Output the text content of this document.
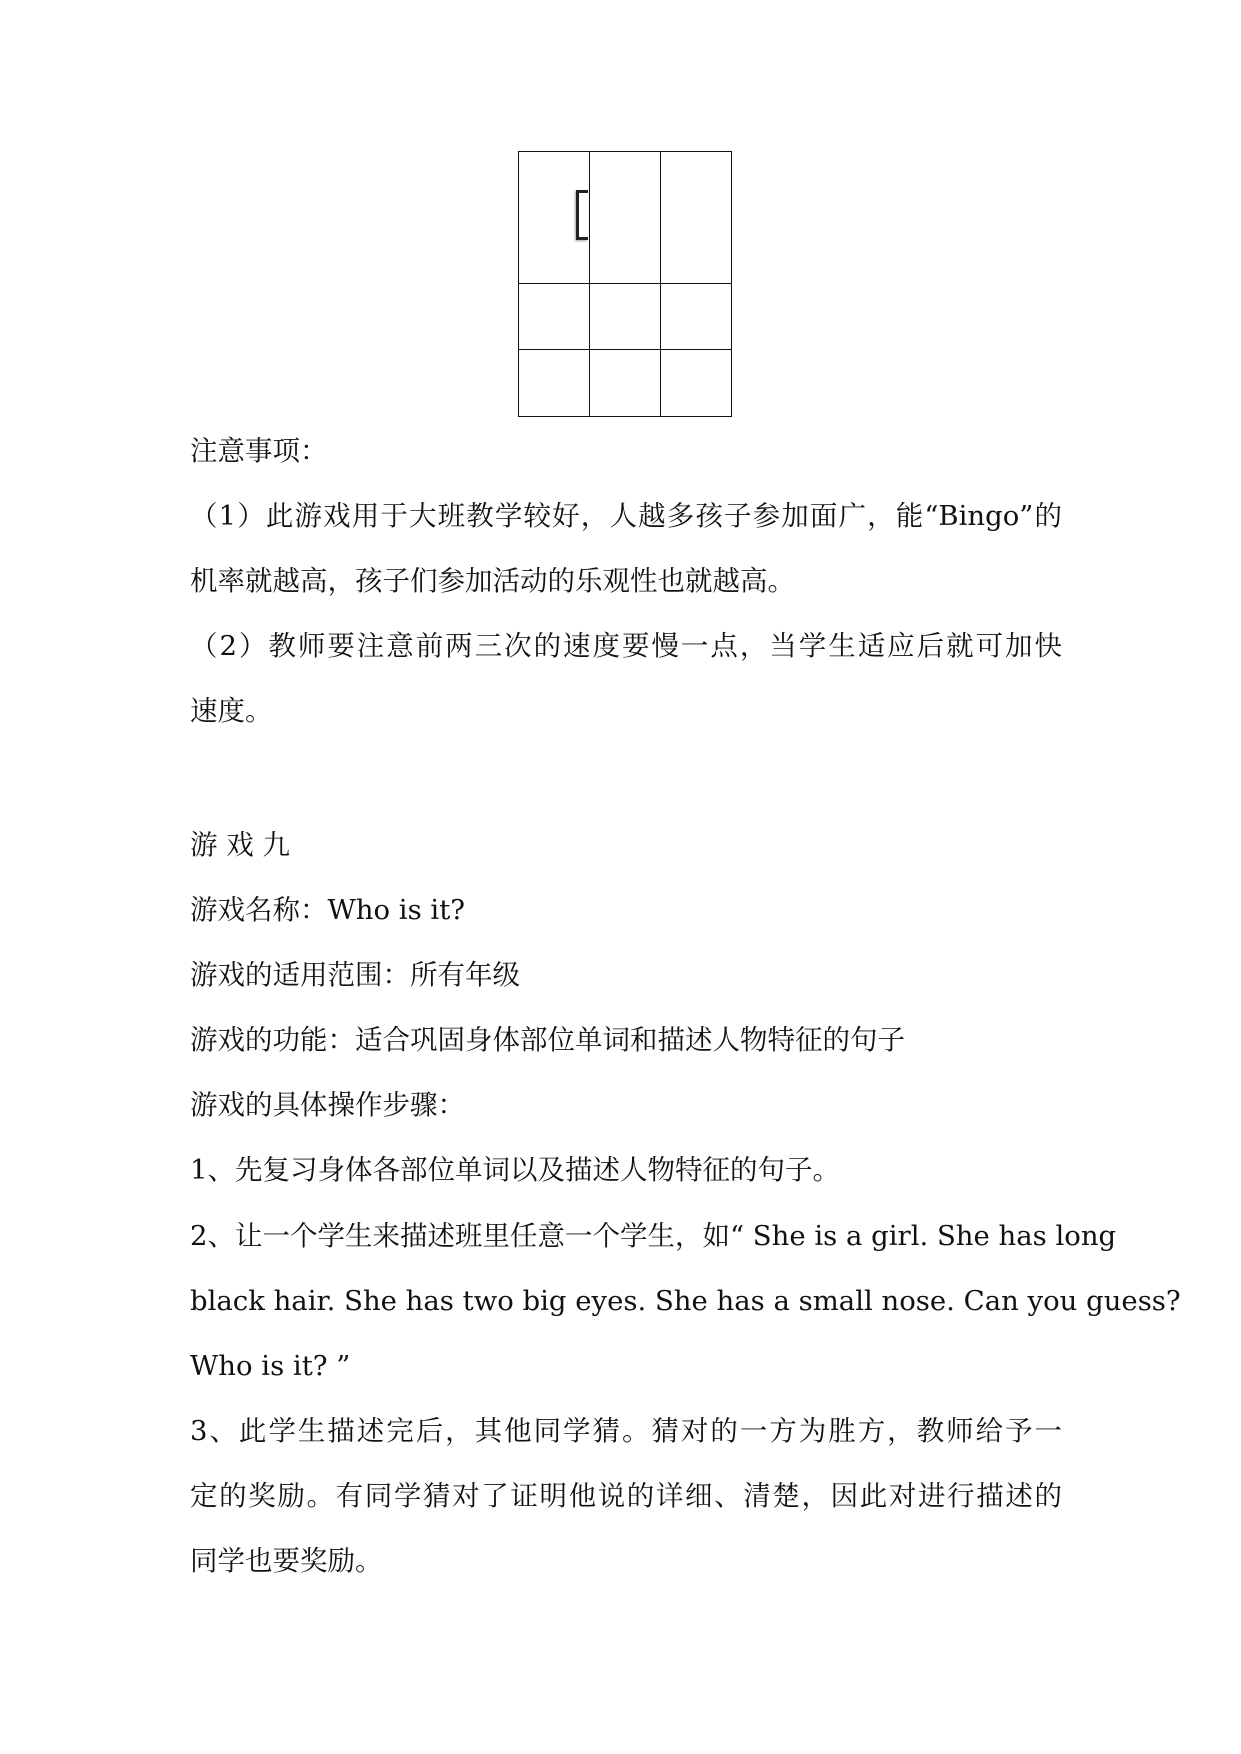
注意事项：
（1）此游戏用于大班教学较好，人越多孩子参加面广，能“Bingo”的
机率就越高，孩子们参加活动的乐观性也就越高。
（2）教师要注意前两三次的速度要慢一点，当学生适应后就可加快
速度。
游 戏 九
游戏名称：Who is it?
游戏的适用范围：所有年级
游戏的功能：适合巩固身体部位单词和描述人物特征的句子
游戏的具体操作步骤：
1、先复习身体各部位单词以及描述人物特征的句子。
2、让一个学生来描述班里任意一个学生，如“ She is a girl. She has long
black hair. She has two big eyes. She has a small nose. Can you guess?
Who is it? ”
3、此学生描述完后，其他同学猜。猜对的一方为胜方，教师给予一
定的奖励。有同学猜对了证明他说的详细、清楚，因此对进行描述的
同学也要奖励。
